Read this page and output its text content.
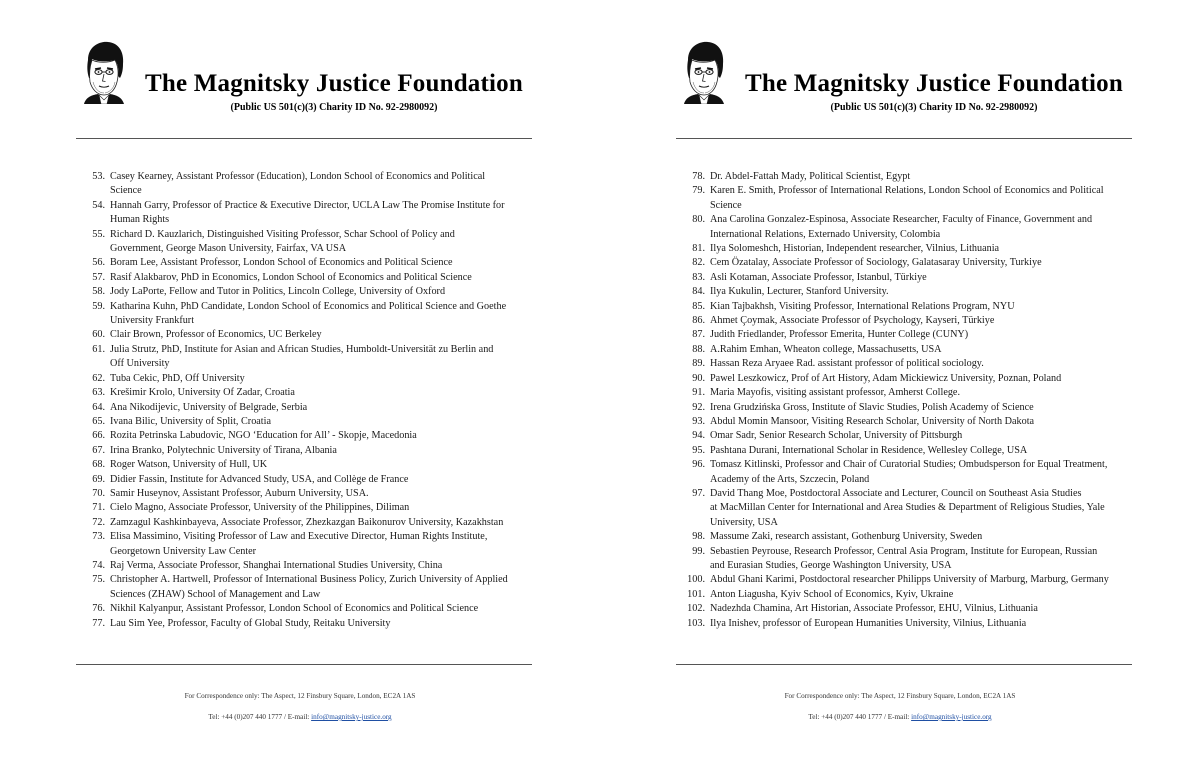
The Magnitsky Justice Foundation
(Public US 501(c)(3) Charity ID No. 92-2980092)
53. Casey Kearney, Assistant Professor (Education), London School of Economics and Political
Science
54. Hannah Garry, Professor of Practice & Executive Director, UCLA Law The Promise Institute for
Human Rights
55. Richard D. Kauzlarich, Distinguished Visiting Professor, Schar School of Policy and
Government, George Mason University, Fairfax, VA USA
56. Boram Lee, Assistant Professor, London School of Economics and Political Science
57. Rasif Alakbarov, PhD in Economics, London School of Economics and Political Science
58. Jody LaPorte, Fellow and Tutor in Politics, Lincoln College, University of Oxford
59. Katharina Kuhn, PhD Candidate, London School of Economics and Political Science and Goethe
University Frankfurt
60. Clair Brown, Professor of Economics, UC Berkeley
61. Julia Strutz, PhD, Institute for Asian and African Studies, Humboldt-Universität zu Berlin and
Off University
62. Tuba Cekic, PhD, Off University
63. Krešimir Krolo, University Of Zadar, Croatia
64. Ana Nikodijevic, University of Belgrade, Serbia
65. Ivana Bilic, University of Split, Croatia
66. Rozita Petrinska Labudovic, NGO ‘Education for All’ - Skopje, Macedonia
67. Irina Branko, Polytechnic University of Tirana, Albania
68. Roger Watson, University of Hull, UK
69. Didier Fassin, Institute for Advanced Study, USA, and Collège de France
70. Samir Huseynov, Assistant Professor, Auburn University, USA.
71. Cielo Magno, Associate Professor, University of the Philippines, Diliman
72. Zamzagul Kashkinbayeva, Associate Professor, Zhezkazgan Baikonurov University, Kazakhstan
73. Elisa Massimino, Visiting Professor of Law and Executive Director, Human Rights Institute,
Georgetown University Law Center
74. Raj Verma, Associate Professor, Shanghai International Studies University, China
75. Christopher A. Hartwell, Professor of International Business Policy, Zurich University of Applied
Sciences (ZHAW) School of Management and Law
76. Nikhil Kalyanpur, Assistant Professor, London School of Economics and Political Science
77. Lau Sim Yee, Professor, Faculty of Global Study, Reitaku University
For Correspondence only: The Aspect, 12 Finsbury Square, London, EC2A 1AS
Tel: +44 (0)207 440 1777 / E-mail: info@magnitsky-justice.org
The Magnitsky Justice Foundation
(Public US 501(c)(3) Charity ID No. 92-2980092)
78. Dr. Abdel-Fattah Mady, Political Scientist, Egypt
79. Karen E. Smith, Professor of International Relations, London School of Economics and Political
Science
80. Ana Carolina Gonzalez-Espinosa, Associate Researcher, Faculty of Finance, Government and
International Relations, Externado University, Colombia
81. Ilya Solomeshch, Historian, Independent researcher, Vilnius, Lithuania
82. Cem Özatalay, Associate Professor of Sociology, Galatasaray University, Turkiye
83. Asli Kotaman, Associate Professor, Istanbul, Türkiye
84. Ilya Kukulin, Lecturer, Stanford University.
85. Kian Tajbakhsh, Visiting Professor, International Relations Program, NYU
86. Ahmet Çoymak, Associate Professor of Psychology, Kayseri, Türkiye
87. Judith Friedlander, Professor Emerita, Hunter College (CUNY)
88. A.Rahim Emhan, Wheaton college, Massachusetts, USA
89. Hassan Reza Aryaee Rad. assistant professor of political sociology.
90. Pawel Leszkowicz, Prof of Art History, Adam Mickiewicz University, Poznan, Poland
91. Maria Mayofis, visiting assistant professor, Amherst College.
92. Irena Grudzińska Gross, Institute of Slavic Studies, Polish Academy of Science
93. Abdul Momin Mansoor, Visiting Research Scholar, University of North Dakota
94. Omar Sadr, Senior Research Scholar, University of Pittsburgh
95. Pashtana Durani, International Scholar in Residence, Wellesley College, USA
96. Tomasz Kitlinski, Professor and Chair of Curatorial Studies; Ombudsperson for Equal Treatment,
Academy of the Arts, Szczecin, Poland
97. David Thang Moe, Postdoctoral Associate and Lecturer, Council on Southeast Asia Studies
at MacMillan Center for International and Area Studies & Department of Religious Studies, Yale
University, USA
98. Massume Zaki, research assistant, Gothenburg University, Sweden
99. Sebastien Peyrouse, Research Professor, Central Asia Program, Institute for European, Russian
and Eurasian Studies, George Washington University, USA
100. Abdul Ghani Karimi, Postdoctoral researcher Philipps University of Marburg, Marburg, Germany
101. Anton Liagusha, Kyiv School of Economics, Kyiv, Ukraine
102. Nadezhda Chamina, Art Historian, Associate Professor, EHU, Vilnius, Lithuania
103. Ilya Inishev, professor of European Humanities University, Vilnius, Lithuania
For Correspondence only: The Aspect, 12 Finsbury Square, London, EC2A 1AS
Tel: +44 (0)207 440 1777 / E-mail: info@magnitsky-justice.org
